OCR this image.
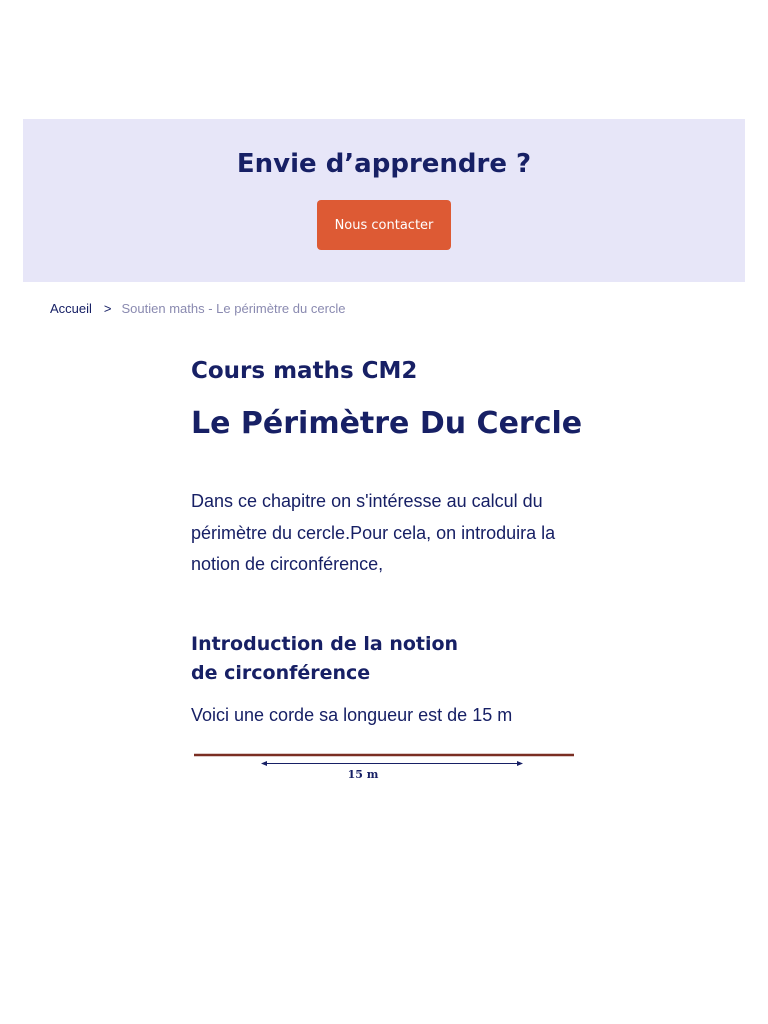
Envie d’apprendre ?
Nous contacter
Accueil > Soutien maths - Le périmètre du cercle
Cours maths CM2
Le Périmètre Du Cercle

Dans ce chapitre on s'intéresse au calcul du périmètre du cercle.Pour cela, on introduira la notion de circonférence,

Introduction de la notion de circonférence

Voici une corde sa longueur est de 15 m

15 m
